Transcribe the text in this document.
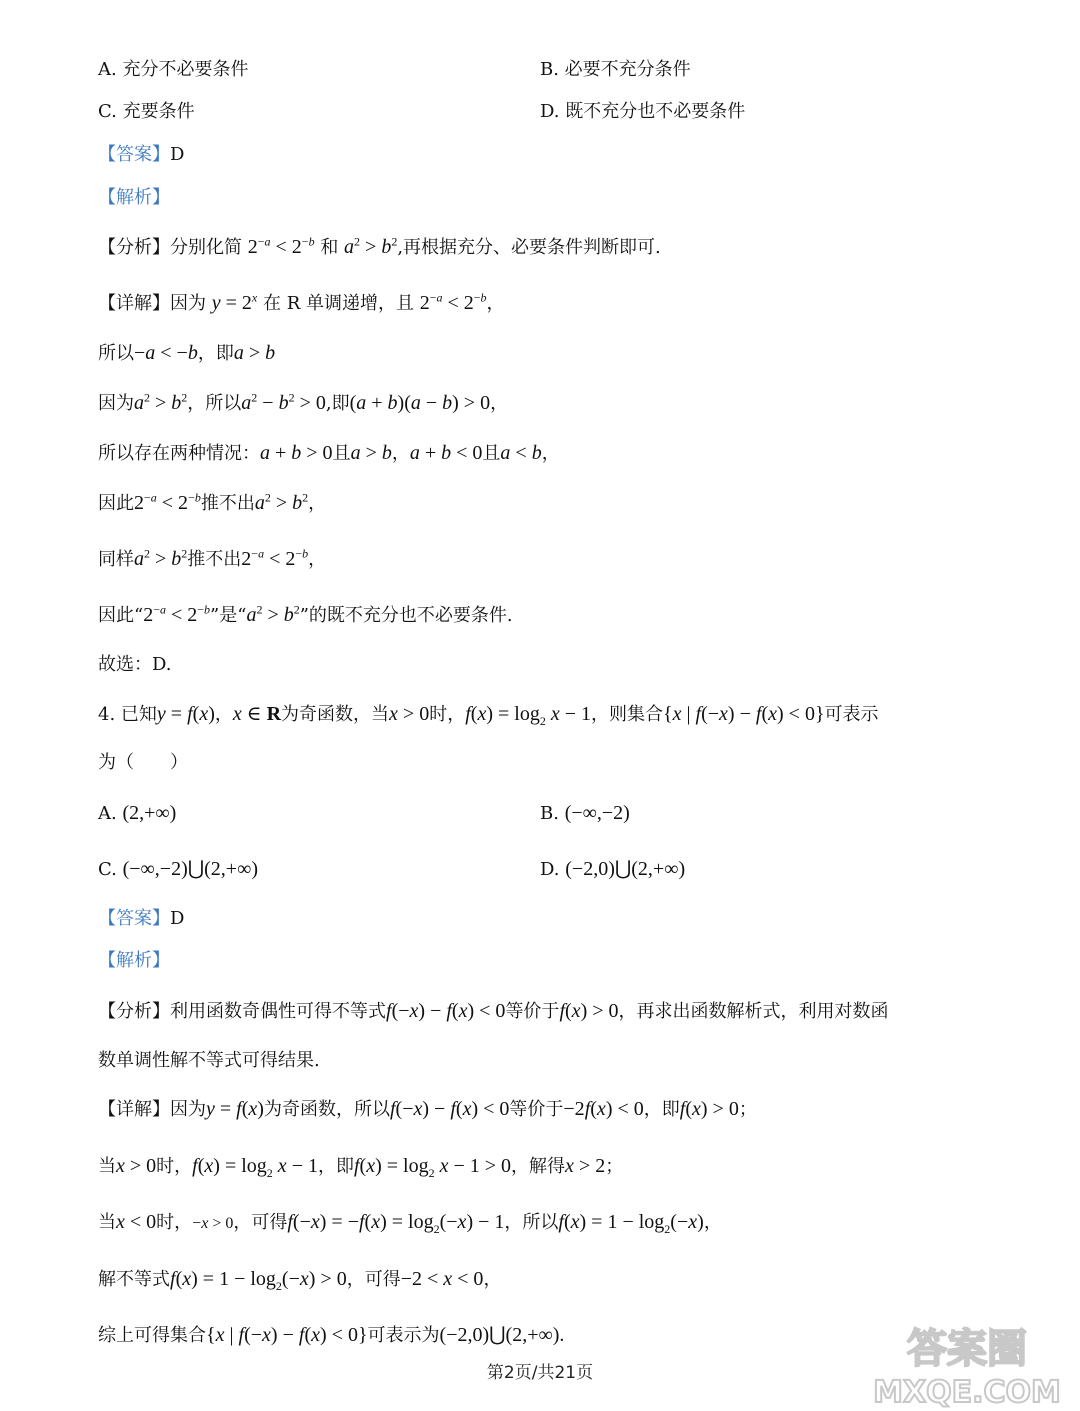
A. 充分不必要条件	B. 必要不充分条件
C. 充要条件	D. 既不充分也不必要条件
【答案】D
【解析】
【分析】分别化简 $2^{-a} < 2^{-b}$ 和 $a^2 > b^2$,再根据充分、必要条件判断即可.
【详解】因为 $y = 2^x$ 在 R 单调递增，且 $2^{-a} < 2^{-b}$，
所以−a < −b，即a > b
因为$a^2 > b^2$，所以$a^2 - b^2 > 0$,即(a + b)(a − b) > 0，
所以存在两种情况：a + b > 0且a > b，a + b < 0且a < b，
因此$2^{-a} < 2^{-b}$推不出$a^2 > b^2$，
同样$a^2 > b^2$推不出$2^{-a} < 2^{-b}$，
因此“$2^{-a} < 2^{-b}$”是“$a^2 > b^2$”的既不充分也不必要条件.
故选：D.
4. 已知y = f(x)，x ∈ R为奇函数，当x > 0时，$f(x) = \log_2 x - 1$，则集合{x | f(−x) − f(x) < 0}可表示
为（　　）
A. (2,+∞)	B. (−∞,−2)
C. (−∞,−2)⋃(2,+∞)	D. (−2,0)⋃(2,+∞)
【答案】D
【解析】
【分析】利用函数奇偶性可得不等式f(−x) − f(x) < 0等价于f(x) > 0，再求出函数解析式，利用对数函
数单调性解不等式可得结果.
【详解】因为y = f(x)为奇函数，所以f(−x) − f(x) < 0等价于−2f(x) < 0，即f(x) > 0；
当x > 0时，$f(x) = \log_2 x - 1$，即$f(x) = \log_2 x - 1 > 0$，解得x > 2；
当x < 0时，−x > 0，可得$f(-x) = -f(x) = \log_2(-x) - 1$，所以$f(x) = 1 - \log_2(-x)$，
解不等式$f(x) = 1 - \log_2(-x) > 0$，可得−2 < x < 0，
综上可得集合{x | f(−x) − f(x) < 0}可表示为(−2,0)⋃(2,+∞).
第2页/共21页
答案圈
MXQE.COM
